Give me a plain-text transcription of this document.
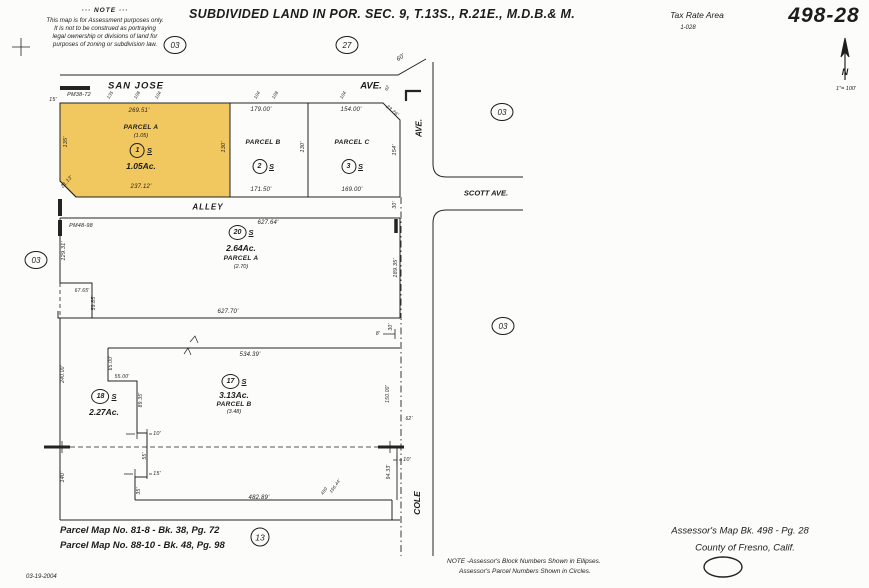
··· NOTE ···
This map is for Assessment purposes only.
It is not to be construed as portraying
legal ownership or divisions of land for
purposes of zoning or subdivision law.
SUBDIVIDED LAND IN POR. SEC. 9, T.13S., R.21E., M.D.B.& M.	Tax Rate Area
1-028
498-28
N
1"= 100'
SAN JOSE	AVE.
ALLEY
SCOTT AVE.
AVE.
COLE
PARCEL A
(1.05)
1	S
1.05Ac.
PARCEL B
2	S
PARCEL C
3	S
20 S
2.64Ac.
PARCEL A
(2.70)
17 S
3.13Ac.
PARCEL B
(3.48)
18 S
2.27Ac.
Parcel Map No. 81-8 - Bk. 38, Pg. 72
Parcel Map No. 88-10 - Bk. 48, Pg. 98
13
Assessor's Map Bk. 498 - Pg. 28
County of Fresno, Calif.
NOTE -Assessor's Block Numbers Shown in Ellipses.
Assessor's Parcel Numbers Shown in Circles.
03-19-2004
60'
15'
PM38-72
269.51'	179.00'	154.00'	23.26'
135'	130'	130'	154'
21.13'	237.12'	171.50'	169.00'
30'
PM48-98	627.64'
129.31'
67.65'
59.85'
189.35'
627.70'
30'
8'
534.39'
65.00'
55.00'
240.00'
89.35'	150.00'
62'
10'
140'
55'
15'
35'
482.89'
450 156.44'
94.33'
10'
135	108	104	104 108	104
62
03	27
03
03
03
